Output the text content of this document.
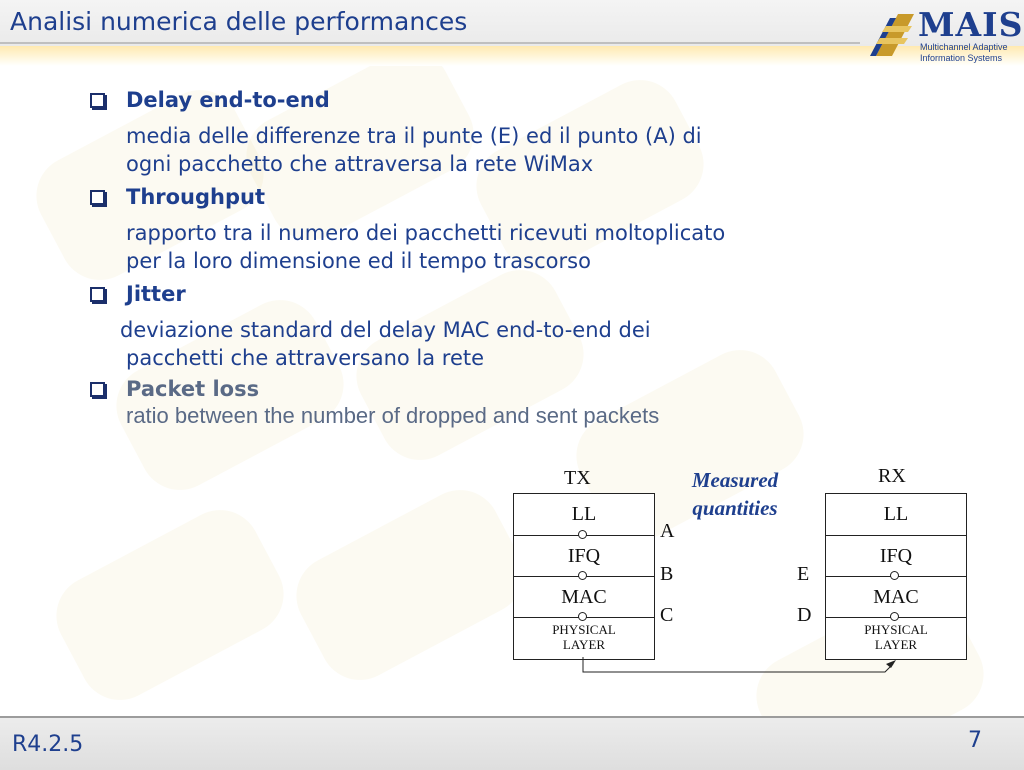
Analisi numerica delle performances	MAIS
Multichannel Adaptive
Information Systems
Delay end-to-end
media delle differenze tra il punte (E) ed il punto (A) di
ogni pacchetto che attraversa la rete WiMax
Throughput
rapporto tra il numero dei pacchetti ricevuti moltoplicato
per la loro dimensione ed il tempo trascorso
Jitter
deviazione standard del delay MAC end-to-end dei
pacchetti che attraversano la rete
Packet loss
ratio between the number of dropped and sent packets
TX	RX
Measured
quantities
LL
IFQ
MAC
PHYSICAL
LAYER
LL
IFQ
MAC
PHYSICAL
LAYER
A
B
C
E
D
R4.2.5	7
